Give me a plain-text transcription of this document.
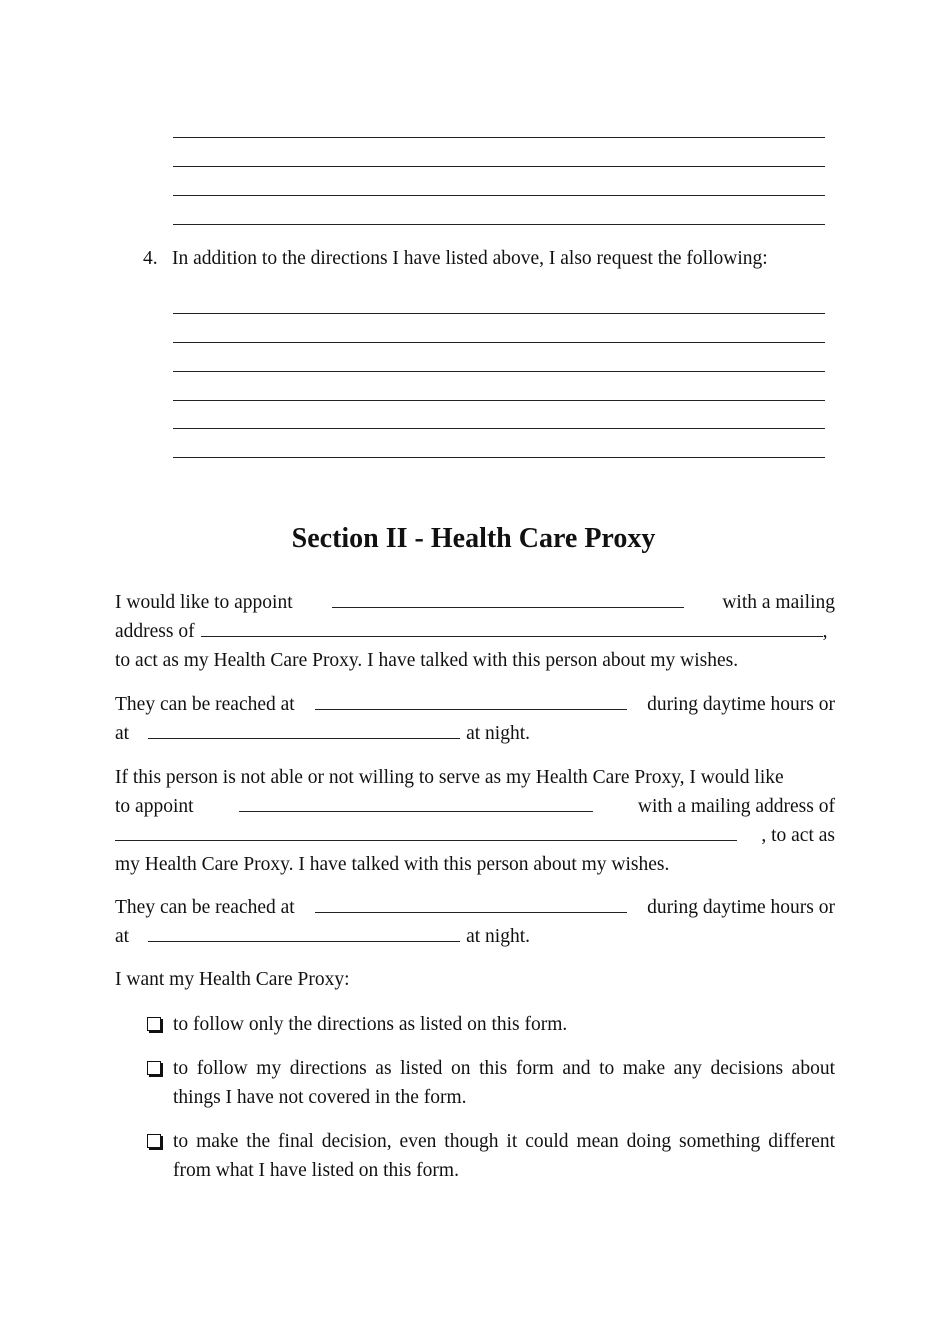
4. In addition to the directions I have listed above, I also request the following:
Section II - Health Care Proxy
I would like to appoint	with a mailing
address of	,
to act as my Health Care Proxy. I have talked with this person about my wishes.
They can be reached at	during daytime hours or
at	at night.
If this person is not able or not willing to serve as my Health Care Proxy, I would like
to appoint	with a mailing address of
, to act as
my Health Care Proxy. I have talked with this person about my wishes.
They can be reached at	during daytime hours or
at	at night.
I want my Health Care Proxy:
to follow only the directions as listed on this form.
to follow my directions as listed on this form and to make any decisions about things I have not covered in the form.
to make the final decision, even though it could mean doing something different from what I have listed on this form.
